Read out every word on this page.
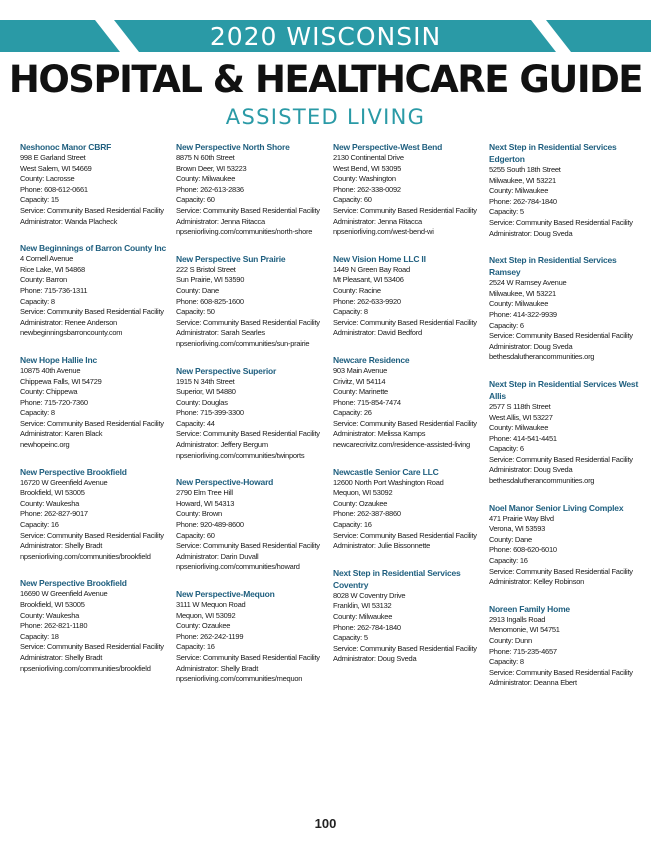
2020 WISCONSIN
HOSPITAL & HEALTHCARE GUIDE
ASSISTED LIVING
Neshonoc Manor CBRF
998 E Garland Street
West Salem, WI 54669
County: Lacrosse
Phone: 608-612-0661
Capacity: 15
Service: Community Based Residential Facility
Administrator: Wanda Placheck
New Beginnings of Barron County Inc
4 Cornell Avenue
Rice Lake, WI 54868
County: Barron
Phone: 715-736-1311
Capacity: 8
Service: Community Based Residential Facility
Administrator: Renee Anderson
newbeginningsbarroncounty.com
New Hope Hallie Inc
10875 40th Avenue
Chippewa Falls, WI 54729
County: Chippewa
Phone: 715-720-7360
Capacity: 8
Service: Community Based Residential Facility
Administrator: Karen Black
newhopeinc.org
New Perspective Brookfield
16720 W Greenfield Avenue
Brookfield, WI 53005
County: Waukesha
Phone: 262-827-9017
Capacity: 16
Service: Community Based Residential Facility
Administrator: Shelly Bradt
npseniorliving.com/communities/brookfield
New Perspective Brookfield
16690 W Greenfield Avenue
Brookfield, WI 53005
County: Waukesha
Phone: 262-821-1180
Capacity: 18
Service: Community Based Residential Facility
Administrator: Shelly Bradt
npseniorliving.com/communities/brookfield
New Perspective North Shore
8875 N 60th Street
Brown Deer, WI 53223
County: Milwaukee
Phone: 262-613-2836
Capacity: 60
Service: Community Based Residential Facility
Administrator: Jenna Ritacca
npseniorliving.com/communities/north-shore
New Perspective Sun Prairie
222 S Bristol Street
Sun Prairie, WI 53590
County: Dane
Phone: 608-825-1600
Capacity: 50
Service: Community Based Residential Facility
Administrator: Sarah Searles
npseniorliving.com/communities/sun-prairie
New Perspective Superior
1915 N 34th Street
Superior, WI 54880
County: Douglas
Phone: 715-399-3300
Capacity: 44
Service: Community Based Residential Facility
Administrator: Jeffery Bergum
npseniorliving.com/communities/twinports
New Perspective-Howard
2790 Elm Tree Hill
Howard, WI 54313
County: Brown
Phone: 920-489-8600
Capacity: 60
Service: Community Based Residential Facility
Administrator: Darin Duvall
npseniorliving.com/communities/howard
New Perspective-Mequon
3111 W Mequon Road
Mequon, WI 53092
County: Ozaukee
Phone: 262-242-1199
Capacity: 16
Service: Community Based Residential Facility
Administrator: Shelly Bradt
npseniorliving.com/communities/mequon
New Perspective-West Bend
2130 Continental Drive
West Bend, WI 53095
County: Washington
Phone: 262-338-0092
Capacity: 60
Service: Community Based Residential Facility
Administrator: Jenna Ritacca
npseniorliving.com/west-bend-wi
New Vision Home LLC II
1449 N Green Bay Road
Mt Pleasant, WI 53406
County: Racine
Phone: 262-633-9920
Capacity: 8
Service: Community Based Residential Facility
Administrator: David Bedford
Newcare Residence
903 Main Avenue
Crivitz, WI 54114
County: Marinette
Phone: 715-854-7474
Capacity: 26
Service: Community Based Residential Facility
Administrator: Melissa Kamps
newcarecrivitz.com/residence-assisted-living
Newcastle Senior Care LLC
12600 North Port Washington Road
Mequon, WI 53092
County: Ozaukee
Phone: 262-387-8860
Capacity: 16
Service: Community Based Residential Facility
Administrator: Julie Bissonnette
Next Step in Residential Services Coventry
8028 W Coventry Drive
Franklin, WI 53132
County: Milwaukee
Phone: 262-784-1840
Capacity: 5
Service: Community Based Residential Facility
Administrator: Doug Sveda
Next Step in Residential Services Edgerton
5255 South 18th Street
Milwaukee, WI 53221
County: Milwaukee
Phone: 262-784-1840
Capacity: 5
Service: Community Based Residential Facility
Administrator: Doug Sveda
Next Step in Residential Services Ramsey
2524 W Ramsey Avenue
Milwaukee, WI 53221
County: Milwaukee
Phone: 414-322-9939
Capacity: 6
Service: Community Based Residential Facility
Administrator: Doug Sveda
bethesdalutherancommunities.org
Next Step in Residential Services West Allis
2577 S 118th Street
West Allis, WI 53227
County: Milwaukee
Phone: 414-541-4451
Capacity: 6
Service: Community Based Residential Facility
Administrator: Doug Sveda
bethesdalutherancommunities.org
Noel Manor Senior Living Complex
471 Prairie Way Blvd
Verona, WI 53593
County: Dane
Phone: 608-620-6010
Capacity: 16
Service: Community Based Residential Facility
Administrator: Kelley Robinson
Noreen Family Home
2913 Ingalls Road
Menomonie, WI 54751
County: Dunn
Phone: 715-235-4657
Capacity: 8
Service: Community Based Residential Facility
Administrator: Deanna Ebert
100
